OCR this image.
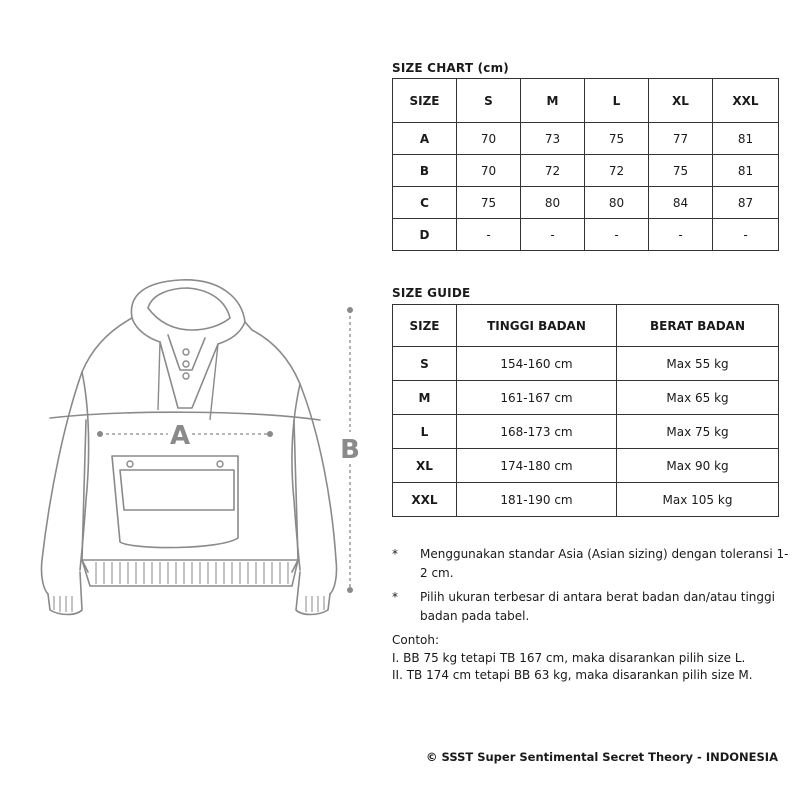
A	B
SIZE CHART (cm)
SIZE	S	M	L	XL	XXL
A	70	73	75	77	81
B	70	72	72	75	81
C	75	80	80	84	87
D	-	-	-	-	-
SIZE GUIDE
SIZE	TINGGI BADAN	BERAT BADAN
S	154-160 cm	Max 55 kg
M	161-167 cm	Max 65 kg
L	168-173 cm	Max 75 kg
XL	174-180 cm	Max 90 kg
XXL	181-190 cm	Max 105 kg
* Menggunakan standar Asia (Asian sizing) dengan toleransi 1-2 cm.
* Pilih ukuran terbesar di antara berat badan dan/atau tinggi badan pada tabel.
Contoh:
I. BB 75 kg tetapi TB 167 cm, maka disarankan pilih size L.
II. TB 174 cm tetapi BB 63 kg, maka disarankan pilih size M.
© SSST Super Sentimental Secret Theory - INDONESIA
